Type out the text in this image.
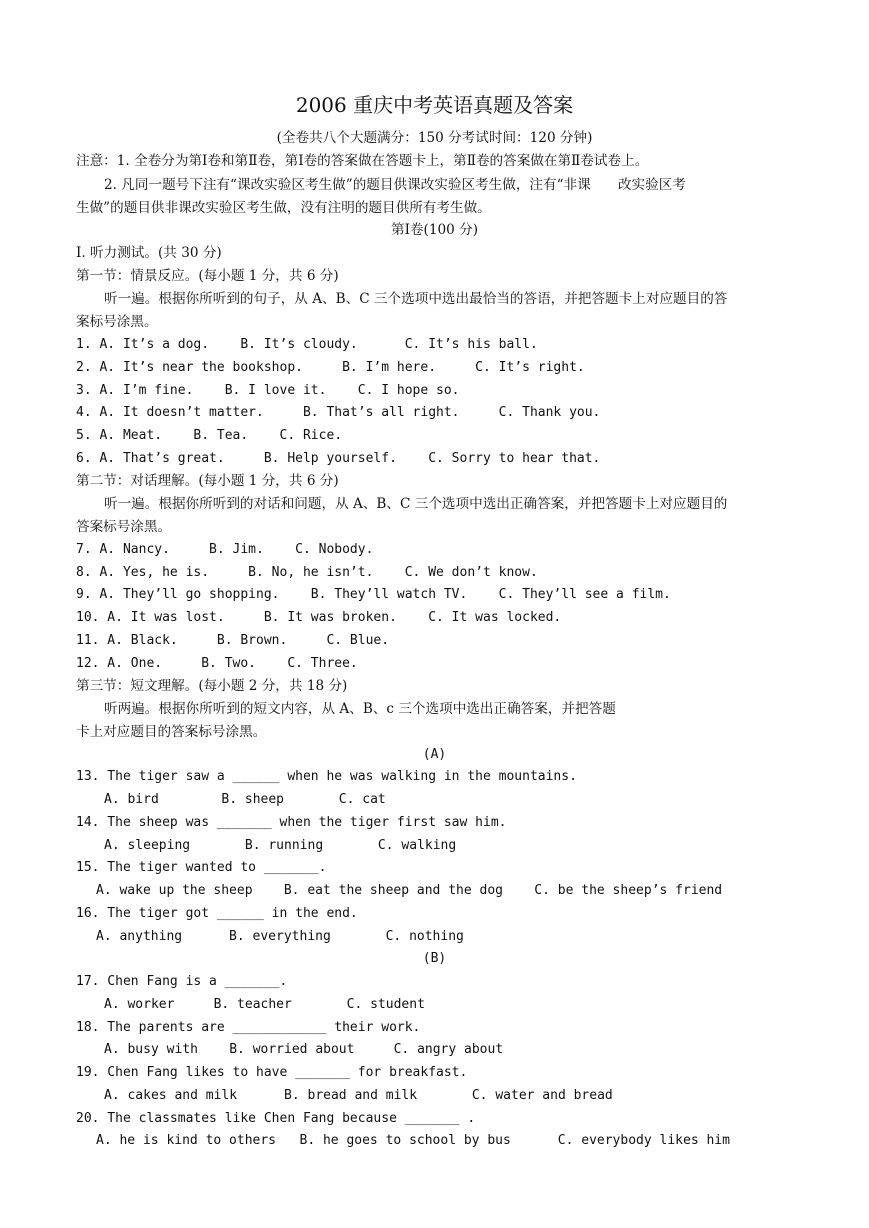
2006 重庆中考英语真题及答案
(全卷共八个大题满分：150 分考试时间：120 分钟)
注意：1. 全卷分为第Ⅰ卷和第Ⅱ卷，第Ⅰ卷的答案做在答题卡上，第Ⅱ卷的答案做在第Ⅱ卷试卷上。
2. 凡同一题号下注有“课改实验区考生做”的题目供课改实验区考生做，注有“非课　　改实验区考
生做”的题目供非课改实验区考生做，没有注明的题目供所有考生做。
第Ⅰ卷(100 分)
Ⅰ. 听力测试。(共 30 分)
第一节：情景反应。(每小题 1 分，共 6 分)
听一遍。根据你所听到的句子，从 A、B、C 三个选项中选出最恰当的答语，并把答题卡上对应题目的答
案标号涂黑。
1. A. It’s a dog.    B. It’s cloudy.      C. It’s his ball.
2. A. It’s near the bookshop.     B. I’m here.     C. It’s right.
3. A. I’m fine.    B. I love it.    C. I hope so.
4. A. It doesn’t matter.     B. That’s all right.     C. Thank you.
5. A. Meat.    B. Tea.    C. Rice.
6. A. That’s great.     B. Help yourself.    C. Sorry to hear that.
第二节：对话理解。(每小题 1 分，共 6 分)
听一遍。根据你所听到的对话和问题，从 A、B、C 三个选项中选出正确答案，并把答题卡上对应题目的
答案标号涂黑。
7. A. Nancy.     B. Jim.    C. Nobody.
8. A. Yes, he is.     B. No, he isn’t.    C. We don’t know.
9. A. They’ll go shopping.    B. They’ll watch TV.    C. They’ll see a film.
10. A. It was lost.     B. It was broken.    C. It was locked.
11. A. Black.     B. Brown.     C. Blue.
12. A. One.     B. Two.    C. Three.
第三节：短文理解。(每小题 2 分，共 18 分)
听两遍。根据你所听到的短文内容，从 A、B、c 三个选项中选出正确答案，并把答题
卡上对应题目的答案标号涂黑。
(A)
13. The tiger saw a ______ when he was walking in the mountains.
A. bird        B. sheep       C. cat
14. The sheep was _______ when the tiger first saw him.
A. sleeping       B. running       C. walking
15. The tiger wanted to _______.
A. wake up the sheep    B. eat the sheep and the dog    C. be the sheep’s friend
16. The tiger got ______ in the end.
A. anything      B. everything       C. nothing
(B)
17. Chen Fang is a _______.
A. worker     B. teacher       C. student
18. The parents are ____________ their work.
A. busy with    B. worried about     C. angry about
19. Chen Fang likes to have _______ for breakfast.
A. cakes and milk      B. bread and milk       C. water and bread
20. The classmates like Chen Fang because _______ .
A. he is kind to others   B. he goes to school by bus      C. everybody likes him
